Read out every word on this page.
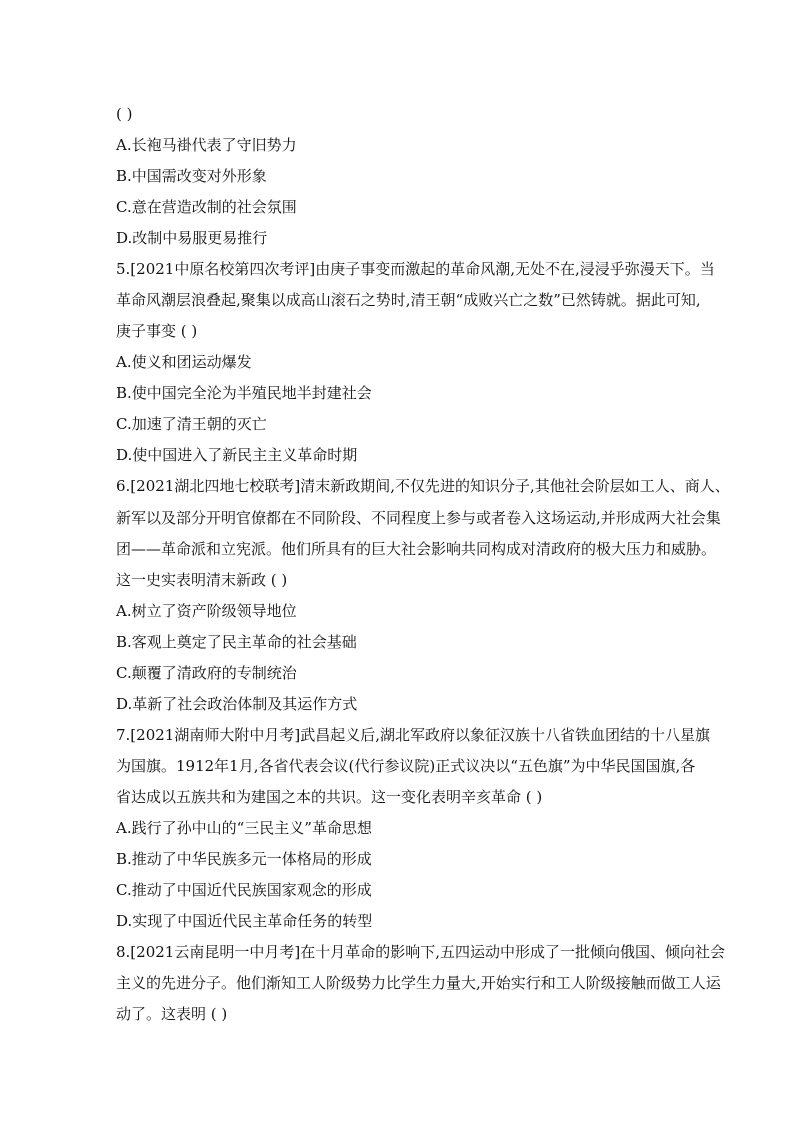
( )
A.长袍马褂代表了守旧势力
B.中国需改变对外形象
C.意在营造改制的社会氛围
D.改制中易服更易推行
5.[2021中原名校第四次考评]由庚子事变而激起的革命风潮,无处不在,浸浸乎弥漫天下。当
革命风潮层浪叠起,聚集以成高山滚石之势时,清王朝“成败兴亡之数”已然铸就。据此可知,
庚子事变 ( )
A.使义和团运动爆发
B.使中国完全沦为半殖民地半封建社会
C.加速了清王朝的灭亡
D.使中国进入了新民主主义革命时期
6.[2021湖北四地七校联考]清末新政期间,不仅先进的知识分子,其他社会阶层如工人、商人、
新军以及部分开明官僚都在不同阶段、不同程度上参与或者卷入这场运动,并形成两大社会集
团——革命派和立宪派。他们所具有的巨大社会影响共同构成对清政府的极大压力和威胁。
这一史实表明清末新政 ( )
A.树立了资产阶级领导地位
B.客观上奠定了民主革命的社会基础
C.颠覆了清政府的专制统治
D.革新了社会政治体制及其运作方式
7.[2021湖南师大附中月考]武昌起义后,湖北军政府以象征汉族十八省铁血团结的十八星旗
为国旗。1912年1月,各省代表会议(代行参议院)正式议决以“五色旗”为中华民国国旗,各
省达成以五族共和为建国之本的共识。这一变化表明辛亥革命 ( )
A.践行了孙中山的“三民主义”革命思想
B.推动了中华民族多元一体格局的形成
C.推动了中国近代民族国家观念的形成
D.实现了中国近代民主革命任务的转型
8.[2021云南昆明一中月考]在十月革命的影响下,五四运动中形成了一批倾向俄国、倾向社会
主义的先进分子。他们渐知工人阶级势力比学生力量大,开始实行和工人阶级接触而做工人运
动了。这表明 ( )
